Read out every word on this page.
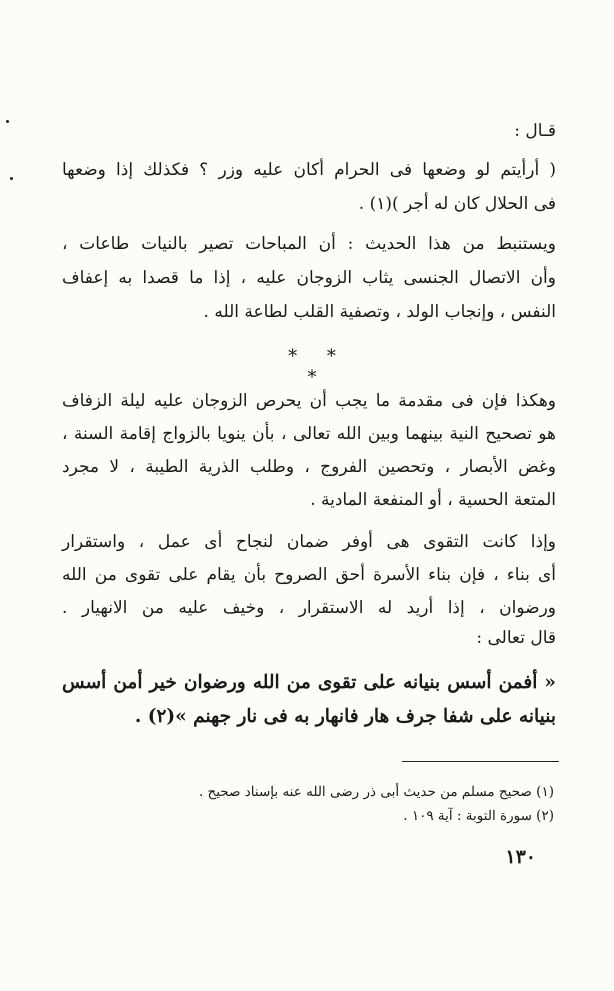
قـال :
( أرأيتم لو وضعها فى الحرام أكان عليه وزر ؟ فكذلك إذا وضعها
فى الحلال كان له أجر )(١) .
ويستنبط من هذا الحديث : أن المباحات تصير بالنيات طاعات ،
وأن الاتصال الجنسى يثاب الزوجان عليه ، إذا ما قصدا به إعفاف
النفس ، وإنجاب الولد ، وتصفية القلب لطاعة الله .
وهكذا فإن فى مقدمة ما يجب أن يحرص الزوجان عليه ليلة الزفاف
هو تصحيح النية بينهما وبين الله تعالى ، بأن ينويا بالزواج إقامة السنة ،
وغض الأبصار ، وتحصين الفروج ، وطلب الذرية الطيبة ، لا مجرد
المتعة الحسية ، أو المنفعة المادية .
وإذا كانت التقوى هى أوفر ضمان لنجاح أى عمل ، واستقرار
أى بناء ، فإن بناء الأسرة أحق الصروح بأن يقام على تقوى من الله
ورضوان ، إذا أريد له الاستقرار ، وخيف عليه من الانهيار .
قال تعالى :
« أفمن أسس بنيانه على تقوى من الله ورضوان خير أمن أسس
بنيانه على شفا جرف هار فانهار به فى نار جهنم »(٢) .
* * *
(١) صحيح مسلم من حديث أبى ذر رضى الله عنه بإسناد صحيح .
(٢) سورة التوبة : آية ١٠٩ .
١٣٠
